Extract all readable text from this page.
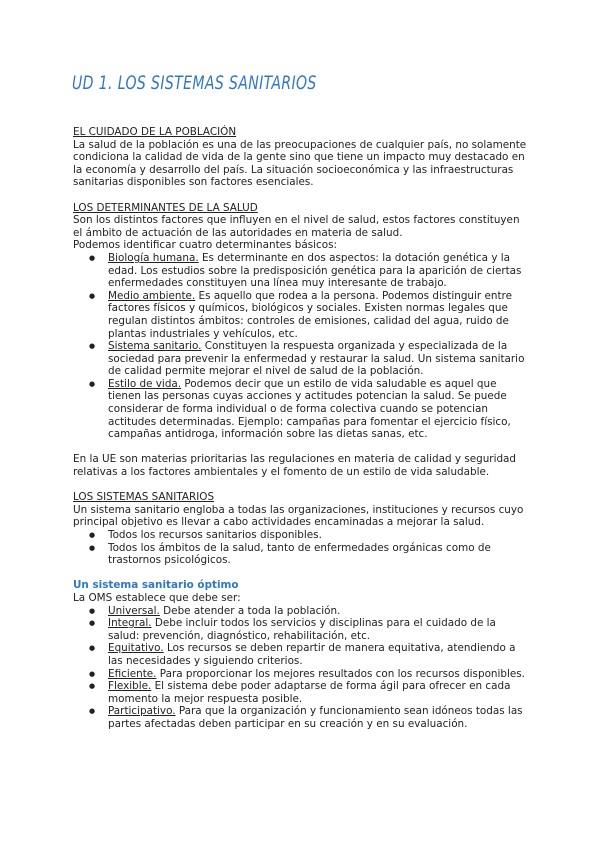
UD 1. LOS SISTEMAS SANITARIOS

EL CUIDADO DE LA POBLACIÓN

La salud de la población es una de las preocupaciones de cualquier país, no solamente condiciona la calidad de vida de la gente sino que tiene un impacto muy destacado en la economía y desarrollo del país. La situación socioeconómica y las infraestructuras sanitarias disponibles son factores esenciales.

LOS DETERMINANTES DE LA SALUD

Son los distintos factores que influyen en el nivel de salud, estos factores constituyen el ámbito de actuación de las autoridades en materia de salud.

Podemos identificar cuatro determinantes básicos:

● Biología humana. Es determinante en dos aspectos: la dotación genética y la edad. Los estudios sobre la predisposición genética para la aparición de ciertas enfermedades constituyen una línea muy interesante de trabajo.
● Medio ambiente. Es aquello que rodea a la persona. Podemos distinguir entre factores físicos y químicos, biológicos y sociales. Existen normas legales que regulan distintos ámbitos: controles de emisiones, calidad del agua, ruido de plantas industriales y vehículos, etc.
● Sistema sanitario. Constituyen la respuesta organizada y especializada de la sociedad para prevenir la enfermedad y restaurar la salud. Un sistema sanitario de calidad permite mejorar el nivel de salud de la población.
● Estilo de vida. Podemos decir que un estilo de vida saludable es aquel que tienen las personas cuyas acciones y actitudes potencian la salud. Se puede considerar de forma individual o de forma colectiva cuando se potencian actitudes determinadas. Ejemplo: campañas para fomentar el ejercicio físico, campañas antidroga, información sobre las dietas sanas, etc.

En la UE son materias prioritarias las regulaciones en materia de calidad y seguridad relativas a los factores ambientales y el fomento de un estilo de vida saludable.

LOS SISTEMAS SANITARIOS

Un sistema sanitario engloba a todas las organizaciones, instituciones y recursos cuyo principal objetivo es llevar a cabo actividades encaminadas a mejorar la salud.

● Todos los recursos sanitarios disponibles.
● Todos los ámbitos de la salud, tanto de enfermedades orgánicas como de trastornos psicológicos.

Un sistema sanitario óptimo

La OMS establece que debe ser:

● Universal. Debe atender a toda la población.
● Integral. Debe incluir todos los servicios y disciplinas para el cuidado de la salud: prevención, diagnóstico, rehabilitación, etc.
● Equitativo. Los recursos se deben repartir de manera equitativa, atendiendo a las necesidades y siguiendo criterios.
● Eficiente. Para proporcionar los mejores resultados con los recursos disponibles.
● Flexible. El sistema debe poder adaptarse de forma ágil para ofrecer en cada momento la mejor respuesta posible.
● Participativo. Para que la organización y funcionamiento sean idóneos todas las partes afectadas deben participar en su creación y en su evaluación.
